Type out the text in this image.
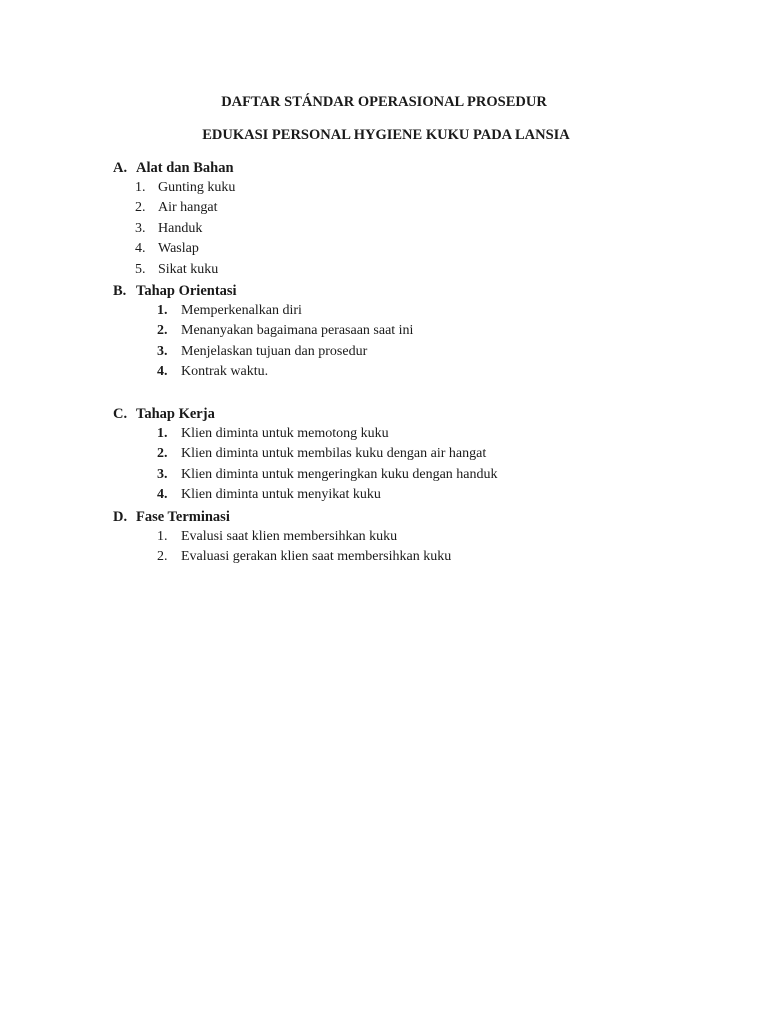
DAFTAR STÁNDAR OPERASIONAL PROSEDUR
EDUKASI PERSONAL HYGIENE KUKU PADA LANSIA
A. Alat dan Bahan
1. Gunting kuku
2. Air hangat
3. Handuk
4. Waslap
5. Sikat kuku
B. Tahap Orientasi
1. Memperkenalkan diri
2. Menanyakan bagaimana perasaan saat ini
3. Menjelaskan tujuan dan prosedur
4. Kontrak waktu.
C. Tahap Kerja
1. Klien diminta untuk memotong kuku
2. Klien diminta untuk membilas kuku dengan air hangat
3. Klien diminta untuk mengeringkan kuku dengan handuk
4. Klien diminta untuk menyikat kuku
D. Fase Terminasi
1. Evalusi saat klien membersihkan kuku
2. Evaluasi gerakan klien saat membersihkan kuku
